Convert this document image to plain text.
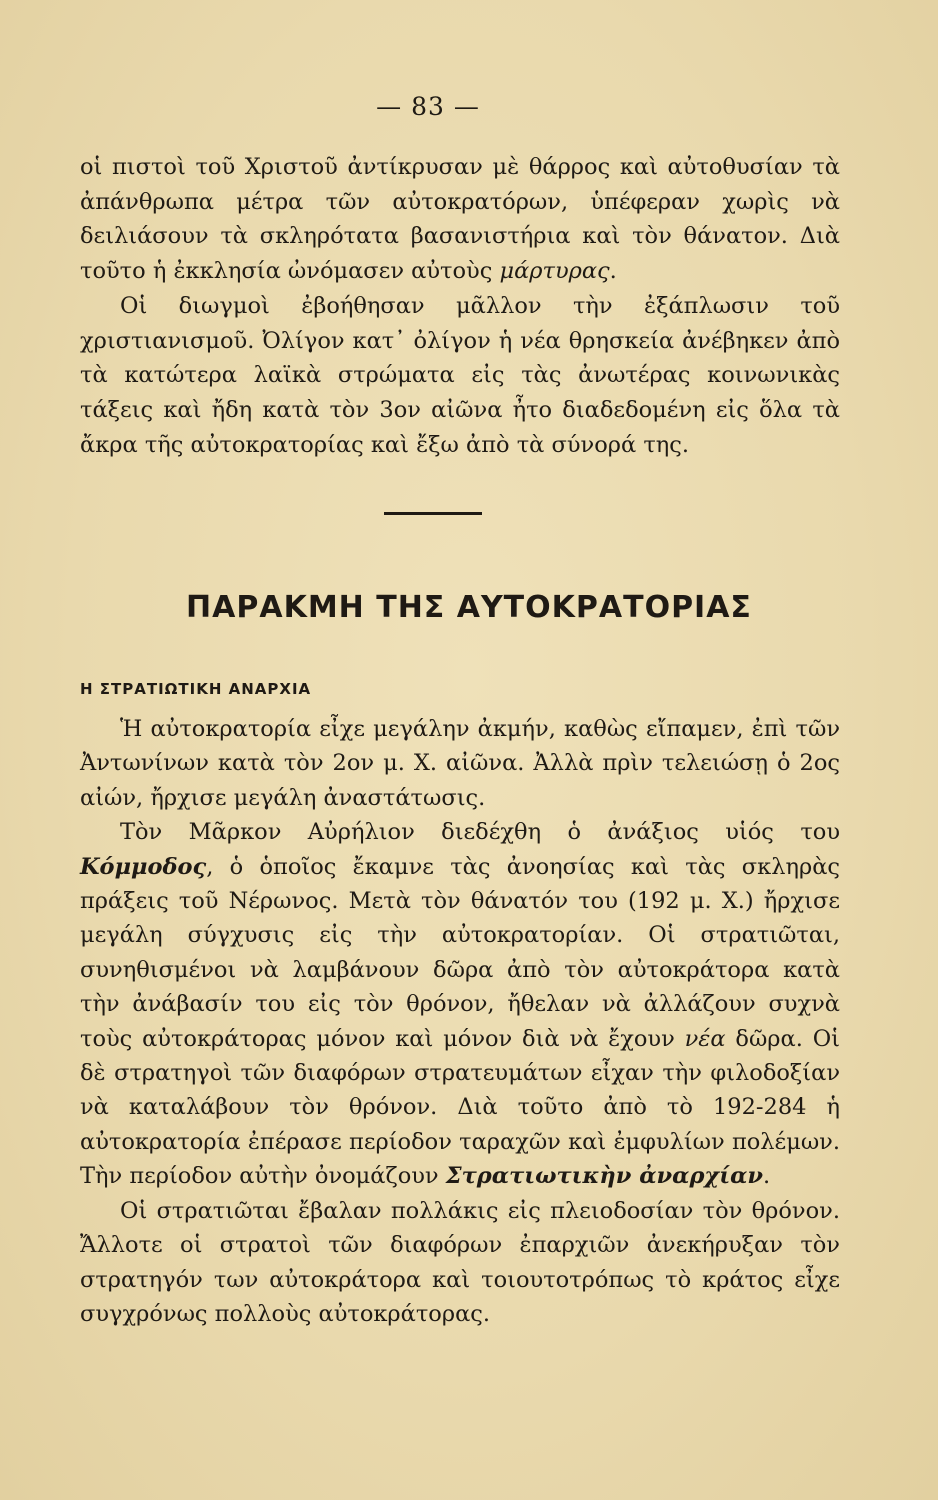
— 83 —

οἱ πιστοὶ τοῦ Χριστοῦ ἀντίκρυσαν μὲ θάρρος καὶ αὐτοθυσίαν τὰ ἀπάνθρωπα μέτρα τῶν αὐτοκρατόρων, ὑπέφεραν χωρὶς νὰ δειλιάσουν τὰ σκληρότατα βασανιστήρια καὶ τὸν θάνατον. Διὰ τοῦτο ἡ ἐκκλησία ὠνόμασεν αὐτοὺς μάρτυρας.

Οἱ διωγμοὶ ἐβοήθησαν μᾶλλον τὴν ἐξάπλωσιν τοῦ χριστιανισμοῦ. Ὀλίγον κατ᾽ ὀλίγον ἡ νέα θρησκεία ἀνέβηκεν ἀπὸ τὰ κατώτερα λαϊκὰ στρώματα εἰς τὰς ἀνωτέρας κοινωνικὰς τάξεις καὶ ἤδη κατὰ τὸν 3ον αἰῶνα ἦτο διαδεδομένη εἰς ὅλα τὰ ἄκρα τῆς αὐτοκρατορίας καὶ ἔξω ἀπὸ τὰ σύνορά της.

ΠΑΡΑΚΜΗ ΤΗΣ ΑΥΤΟΚΡΑΤΟΡΙΑΣ
Η ΣΤΡΑΤΙΩΤΙΚΗ ΑΝΑΡΧΙΑ

Ἡ αὐτοκρατορία εἶχε μεγάλην ἀκμήν, καθὼς εἴπαμεν, ἐπὶ τῶν Ἀντωνίνων κατὰ τὸν 2ον μ. Χ. αἰῶνα. Ἀλλὰ πρὶν τελειώσῃ ὁ 2ος αἰών, ἤρχισε μεγάλη ἀναστάτωσις.

Τὸν Μᾶρκον Αὐρήλιον διεδέχθη ὁ ἀνάξιος υἱός του Κόμμοδος, ὁ ὁποῖος ἔκαμνε τὰς ἀνοησίας καὶ τὰς σκληρὰς πράξεις τοῦ Νέρωνος. Μετὰ τὸν θάνατόν του (192 μ. Χ.) ἤρχισε μεγάλη σύγχυσις εἰς τὴν αὐτοκρατορίαν. Οἱ στρατιῶται, συνηθισμένοι νὰ λαμβάνουν δῶρα ἀπὸ τὸν αὐτοκράτορα κατὰ τὴν ἀνάβασίν του εἰς τὸν θρόνον, ἤθελαν νὰ ἀλλάζουν συχνὰ τοὺς αὐτοκράτορας μόνον καὶ μόνον διὰ νὰ ἔχουν νέα δῶρα. Οἱ δὲ στρατηγοὶ τῶν διαφόρων στρατευμάτων εἶχαν τὴν φιλοδοξίαν νὰ καταλάβουν τὸν θρόνον. Διὰ τοῦτο ἀπὸ τὸ 192-284 ἡ αὐτοκρατορία ἐπέρασε περίοδον ταραχῶν καὶ ἐμφυλίων πολέμων. Τὴν περίοδον αὐτὴν ὀνομάζουν Στρατιωτικὴν ἀναρχίαν.

Οἱ στρατιῶται ἔβαλαν πολλάκις εἰς πλειοδοσίαν τὸν θρόνον. Ἄλλοτε οἱ στρατοὶ τῶν διαφόρων ἐπαρχιῶν ἀνεκήρυξαν τὸν στρατηγόν των αὐτοκράτορα καὶ τοιουτοτρόπως τὸ κράτος εἶχε συγχρόνως πολλοὺς αὐτοκράτορας.
